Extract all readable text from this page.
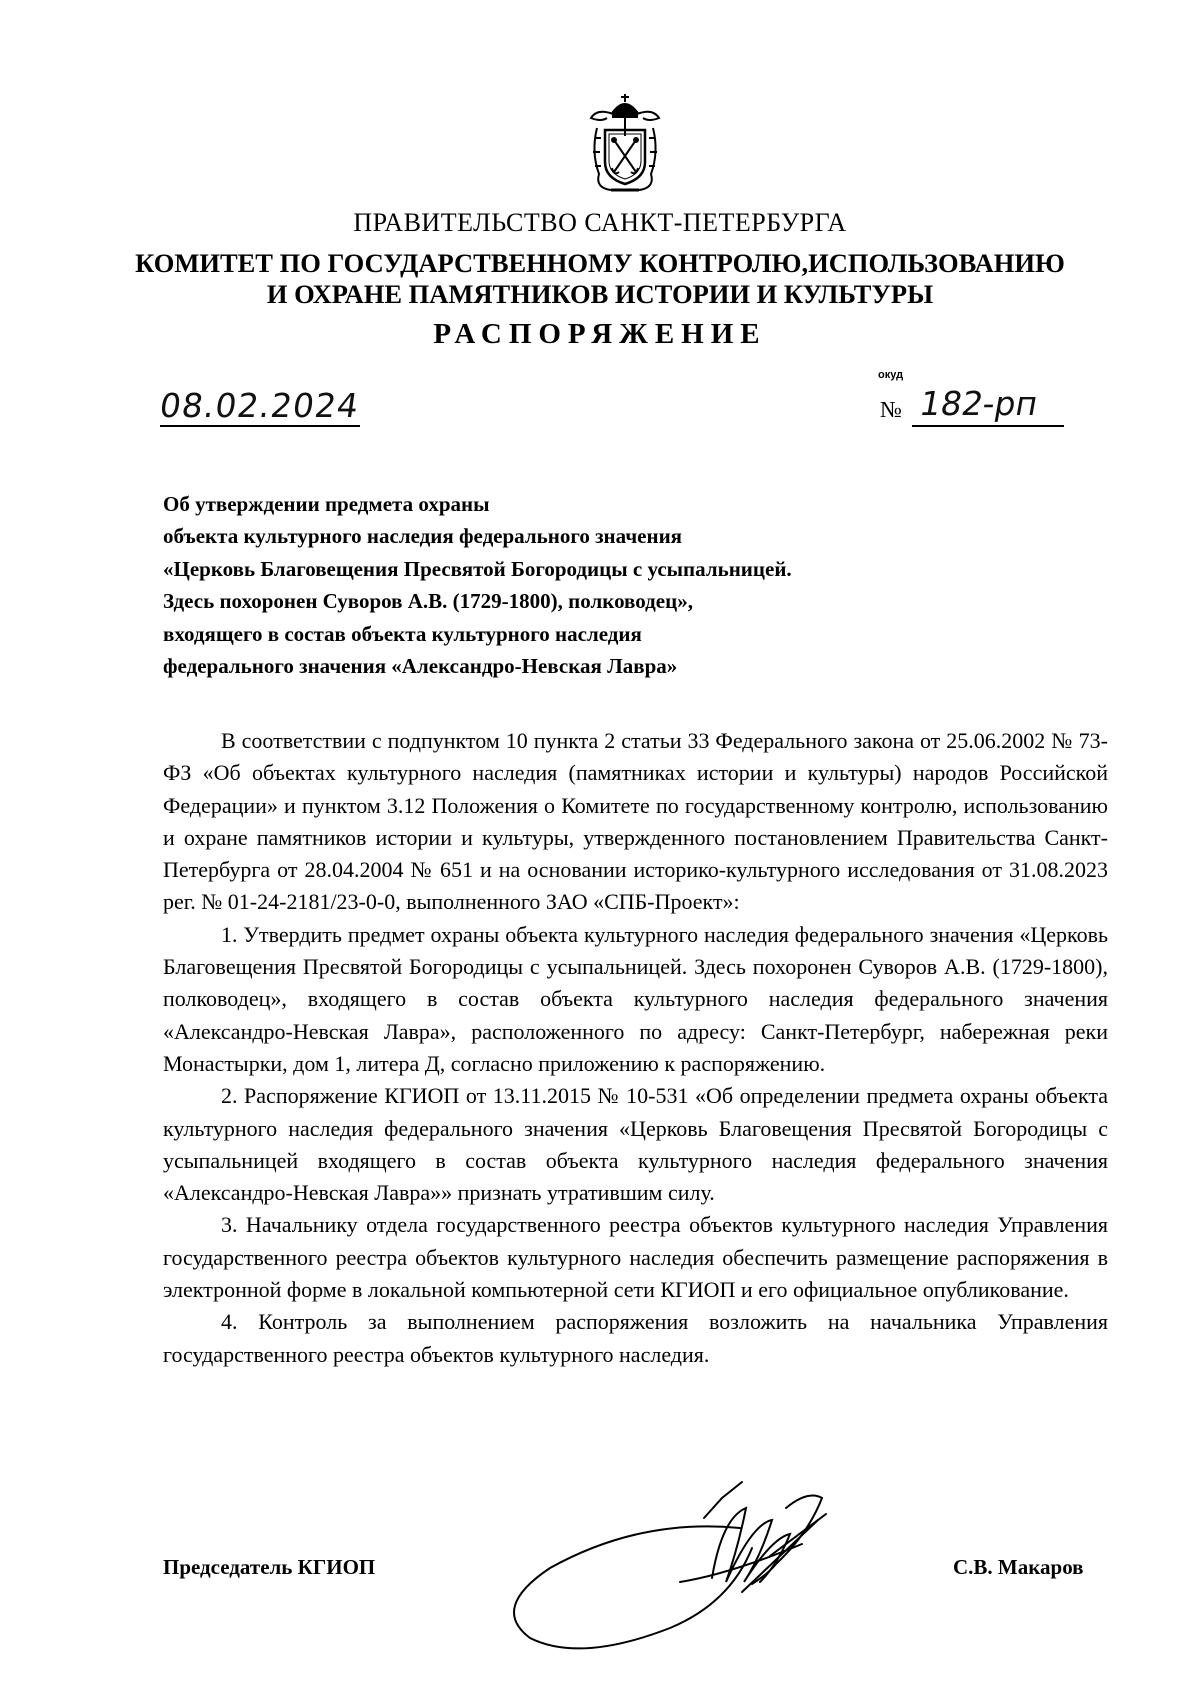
ПРАВИТЕЛЬСТВО САНКТ-ПЕТЕРБУРГА
КОМИТЕТ ПО ГОСУДАРСТВЕННОМУ КОНТРОЛЮ,ИСПОЛЬЗОВАНИЮ
И ОХРАНЕ ПАМЯТНИКОВ ИСТОРИИ И КУЛЬТУРЫ
РАСПОРЯЖЕНИЕ
окуд
08.02.2024	№ 182-рп
Об утверждении предмета охраны
объекта культурного наследия федерального значения
«Церковь Благовещения Пресвятой Богородицы с усыпальницей.
Здесь похоронен Суворов А.В. (1729-1800), полководец»,
входящего в состав объекта культурного наследия
федерального значения «Александро-Невская Лавра»

В соответствии с подпунктом 10 пункта 2 статьи 33 Федерального закона от 25.06.2002 № 73-ФЗ «Об объектах культурного наследия (памятниках истории и культуры) народов Российской Федерации» и пунктом 3.12 Положения о Комитете по государственному контролю, использованию и охране памятников истории и культуры, утвержденного постановлением Правительства Санкт-Петербурга от 28.04.2004 № 651 и на основании историко-культурного исследования от 31.08.2023 рег. № 01-24-2181/23-0-0, выполненного ЗАО «СПБ-Проект»:

1. Утвердить предмет охраны объекта культурного наследия федерального значения «Церковь Благовещения Пресвятой Богородицы с усыпальницей. Здесь похоронен Суворов А.В. (1729-1800), полководец», входящего в состав объекта культурного наследия федерального значения «Александро-Невская Лавра», расположенного по адресу: Санкт-Петербург, набережная реки Монастырки, дом 1, литера Д, согласно приложению к распоряжению.

2. Распоряжение КГИОП от 13.11.2015 № 10-531 «Об определении предмета охраны объекта культурного наследия федерального значения «Церковь Благовещения Пресвятой Богородицы с усыпальницей входящего в состав объекта культурного наследия федерального значения «Александро-Невская Лавра»» признать утратившим силу.

3. Начальнику отдела государственного реестра объектов культурного наследия Управления государственного реестра объектов культурного наследия обеспечить размещение распоряжения в электронной форме в локальной компьютерной сети КГИОП и его официальное опубликование.

4. Контроль за выполнением распоряжения возложить на начальника Управления государственного реестра объектов культурного наследия.

Председатель КГИОП	С.В. Макаров
